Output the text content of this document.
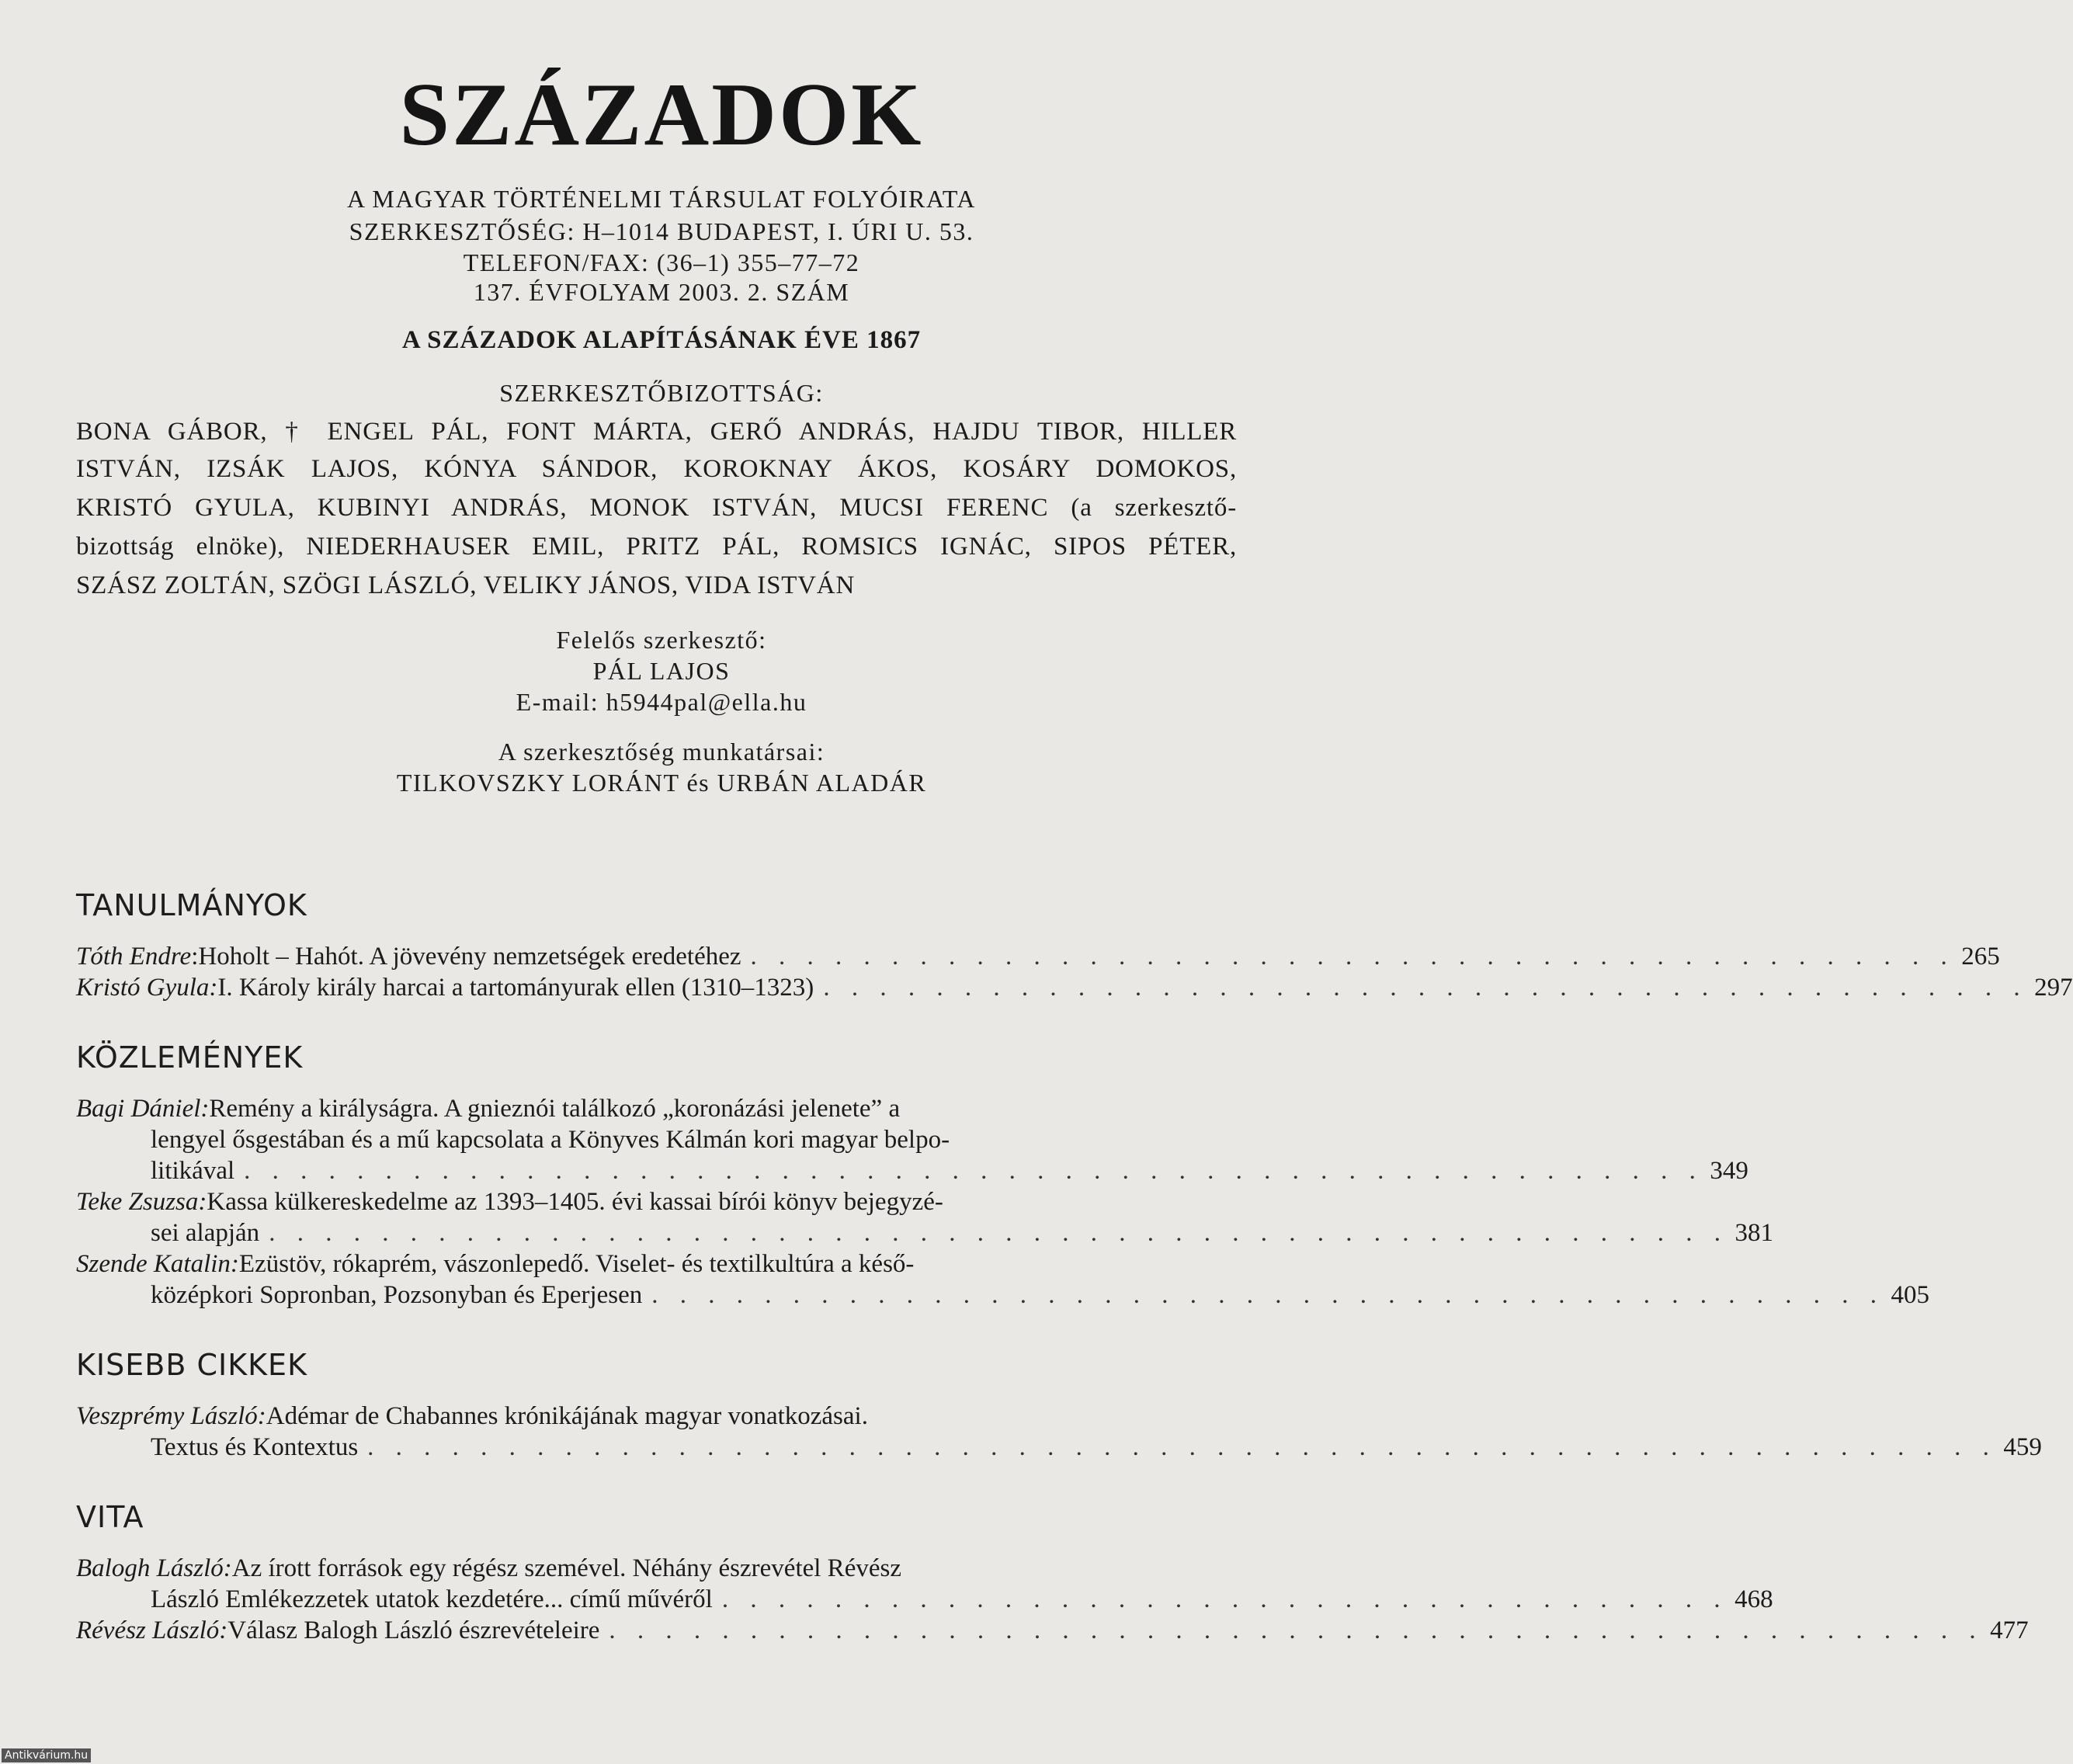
SZÁZADOK
A MAGYAR TÖRTÉNELMI TÁRSULAT FOLYÓIRATA
SZERKESZTŐSÉG: H–1014 BUDAPEST, I. ÚRI U. 53.
TELEFON/FAX: (36–1) 355–77–72
137. ÉVFOLYAM 2003. 2. SZÁM
A SZÁZADOK ALAPÍTÁSÁNAK ÉVE 1867
SZERKESZTŐBIZOTTSÁG:
BONA GÁBOR, † ENGEL PÁL, FONT MÁRTA, GERŐ ANDRÁS, HAJDU TIBOR, HILLER
ISTVÁN, IZSÁK LAJOS, KÓNYA SÁNDOR, KOROKNAY ÁKOS, KOSÁRY DOMOKOS,
KRISTÓ GYULA, KUBINYI ANDRÁS, MONOK ISTVÁN, MUCSI FERENC (a szerkesztő-
bizottság elnöke), NIEDERHAUSER EMIL, PRITZ PÁL, ROMSICS IGNÁC, SIPOS PÉTER,
SZÁSZ ZOLTÁN, SZÖGI LÁSZLÓ, VELIKY JÁNOS, VIDA ISTVÁN
Felelős szerkesztő:
PÁL LAJOS
E-mail: h5944pal@ella.hu
A szerkesztőség munkatársai:
TILKOVSZKY LORÁNT és URBÁN ALADÁR
TANULMÁNYOK
Tóth Endre : Hoholt – Hahót. A jövevény nemzetségek eredetéhez . . . . . . . . . . . . . . . . . . . . . . . . . . . . . . . . . . . . . . . . . . . 265
Kristó Gyula: I. Károly király harcai a tartományurak ellen (1310–1323) . . . . . . . . . . . . . . . . . . . . . . . . . . . . . . . . . . . . . . . . . . . 297
KÖZLEMÉNYEK
Bagi Dániel: Remény a királyságra. A gnieznói találkozó „koronázási jelenete” a
lengyel ősgestában és a mű kapcsolata a Könyves Kálmán kori magyar belpo-
litikával . . . . . . . . . . . . . . . . . . . . . . . . . . . . . . . . . . . . . . . . . . . . . . . . . . . . 349
Teke Zsuzsa: Kassa külkereskedelme az 1393–1405. évi kassai bírói könyv bejegyzé-
sei alapján . . . . . . . . . . . . . . . . . . . . . . . . . . . . . . . . . . . . . . . . . . . . . . . . . . . . 381
Szende Katalin: Ezüstöv, rókaprém, vászonlepedő. Viselet- és textilkultúra a késő-
középkori Sopronban, Pozsonyban és Eperjesen . . . . . . . . . . . . . . . . . . . . . . . . . . . . . . . . . . . . . . . . . . . . 405
KISEBB CIKKEK
Veszprémy László: Adémar de Chabannes krónikájának magyar vonatkozásai.
Textus és Kontextus . . . . . . . . . . . . . . . . . . . . . . . . . . . . . . . . . . . . . . . . . . . . . . . . . . . . . . . . . . 459
VITA
Balogh László: Az írott források egy régész szemével. Néhány észrevétel Révész
László Emlékezzetek utatok kezdetére... című művéről . . . . . . . . . . . . . . . . . . . . . . . . . . . . . . . . . . . . 468
Révész László: Válasz Balogh László észrevételeire . . . . . . . . . . . . . . . . . . . . . . . . . . . . . . . . . . . . . . . . . . . . . . . . . 477
Antikvárium.hu
